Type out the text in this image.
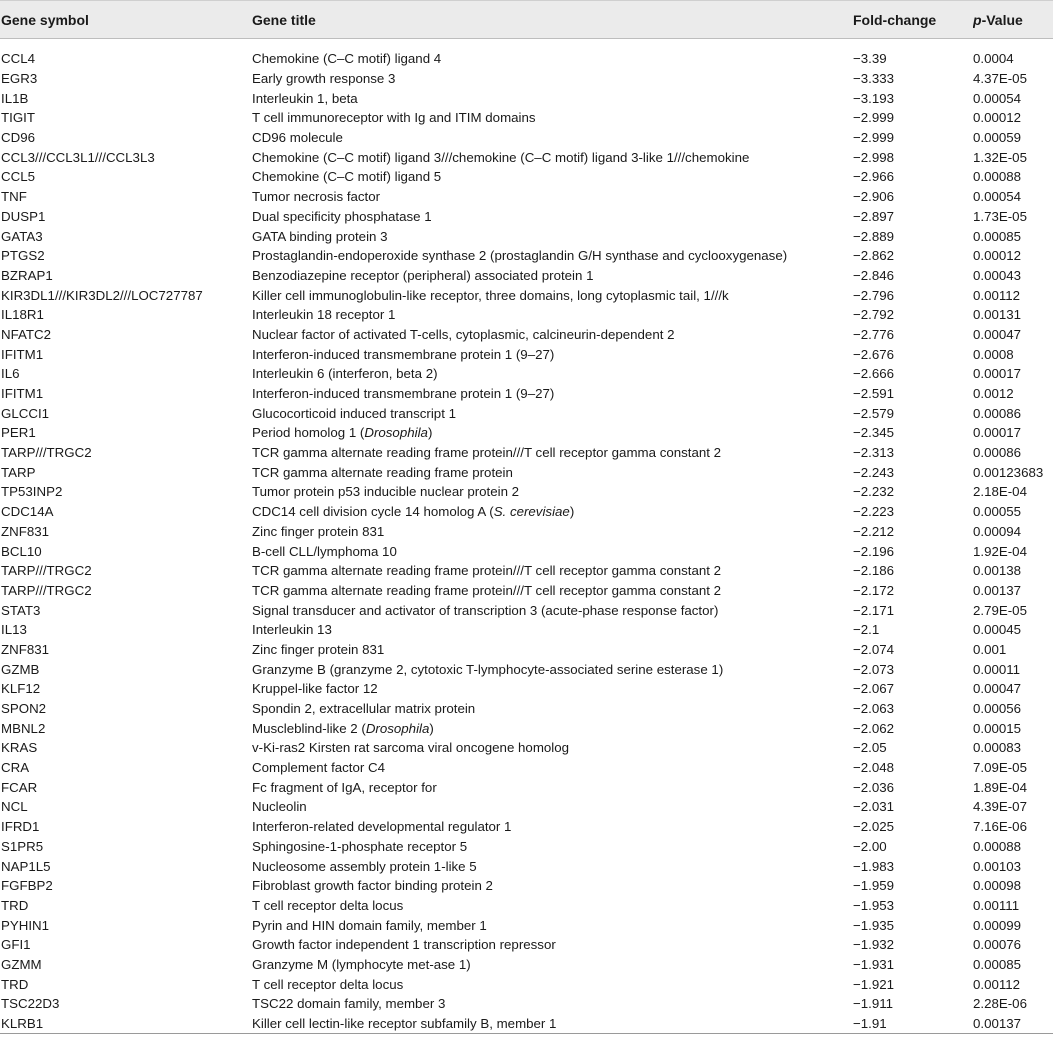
Gene symbol	Gene title	Fold-change	p-Value
CCL4	Chemokine (C–C motif) ligand 4	−3.39	0.0004
EGR3	Early growth response 3	−3.333	4.37E-05
IL1B	Interleukin 1, beta	−3.193	0.00054
TIGIT	T cell immunoreceptor with Ig and ITIM domains	−2.999	0.00012
CD96	CD96 molecule	−2.999	0.00059
CCL3///CCL3L1///CCL3L3	Chemokine (C–C motif) ligand 3///chemokine (C–C motif) ligand 3-like 1///chemokine	−2.998	1.32E-05
CCL5	Chemokine (C–C motif) ligand 5	−2.966	0.00088
TNF	Tumor necrosis factor	−2.906	0.00054
DUSP1	Dual specificity phosphatase 1	−2.897	1.73E-05
GATA3	GATA binding protein 3	−2.889	0.00085
PTGS2	Prostaglandin-endoperoxide synthase 2 (prostaglandin G/H synthase and cyclooxygenase)	−2.862	0.00012
BZRAP1	Benzodiazepine receptor (peripheral) associated protein 1	−2.846	0.00043
KIR3DL1///KIR3DL2///LOC727787	Killer cell immunoglobulin-like receptor, three domains, long cytoplasmic tail, 1///k	−2.796	0.00112
IL18R1	Interleukin 18 receptor 1	−2.792	0.00131
NFATC2	Nuclear factor of activated T-cells, cytoplasmic, calcineurin-dependent 2	−2.776	0.00047
IFITM1	Interferon-induced transmembrane protein 1 (9–27)	−2.676	0.0008
IL6	Interleukin 6 (interferon, beta 2)	−2.666	0.00017
IFITM1	Interferon-induced transmembrane protein 1 (9–27)	−2.591	0.0012
GLCCI1	Glucocorticoid induced transcript 1	−2.579	0.00086
PER1	Period homolog 1 (Drosophila)	−2.345	0.00017
TARP///TRGC2	TCR gamma alternate reading frame protein///T cell receptor gamma constant 2	−2.313	0.00086
TARP	TCR gamma alternate reading frame protein	−2.243	0.00123683
TP53INP2	Tumor protein p53 inducible nuclear protein 2	−2.232	2.18E-04
CDC14A	CDC14 cell division cycle 14 homolog A (S. cerevisiae)	−2.223	0.00055
ZNF831	Zinc finger protein 831	−2.212	0.00094
BCL10	B-cell CLL/lymphoma 10	−2.196	1.92E-04
TARP///TRGC2	TCR gamma alternate reading frame protein///T cell receptor gamma constant 2	−2.186	0.00138
TARP///TRGC2	TCR gamma alternate reading frame protein///T cell receptor gamma constant 2	−2.172	0.00137
STAT3	Signal transducer and activator of transcription 3 (acute-phase response factor)	−2.171	2.79E-05
IL13	Interleukin 13	−2.1	0.00045
ZNF831	Zinc finger protein 831	−2.074	0.001
GZMB	Granzyme B (granzyme 2, cytotoxic T-lymphocyte-associated serine esterase 1)	−2.073	0.00011
KLF12	Kruppel-like factor 12	−2.067	0.00047
SPON2	Spondin 2, extracellular matrix protein	−2.063	0.00056
MBNL2	Muscleblind-like 2 (Drosophila)	−2.062	0.00015
KRAS	v-Ki-ras2 Kirsten rat sarcoma viral oncogene homolog	−2.05	0.00083
CRA	Complement factor C4	−2.048	7.09E-05
FCAR	Fc fragment of IgA, receptor for	−2.036	1.89E-04
NCL	Nucleolin	−2.031	4.39E-07
IFRD1	Interferon-related developmental regulator 1	−2.025	7.16E-06
S1PR5	Sphingosine-1-phosphate receptor 5	−2.00	0.00088
NAP1L5	Nucleosome assembly protein 1-like 5	−1.983	0.00103
FGFBP2	Fibroblast growth factor binding protein 2	−1.959	0.00098
TRD	T cell receptor delta locus	−1.953	0.00111
PYHIN1	Pyrin and HIN domain family, member 1	−1.935	0.00099
GFI1	Growth factor independent 1 transcription repressor	−1.932	0.00076
GZMM	Granzyme M (lymphocyte met-ase 1)	−1.931	0.00085
TRD	T cell receptor delta locus	−1.921	0.00112
TSC22D3	TSC22 domain family, member 3	−1.911	2.28E-06
KLRB1	Killer cell lectin-like receptor subfamily B, member 1	−1.91	0.00137
